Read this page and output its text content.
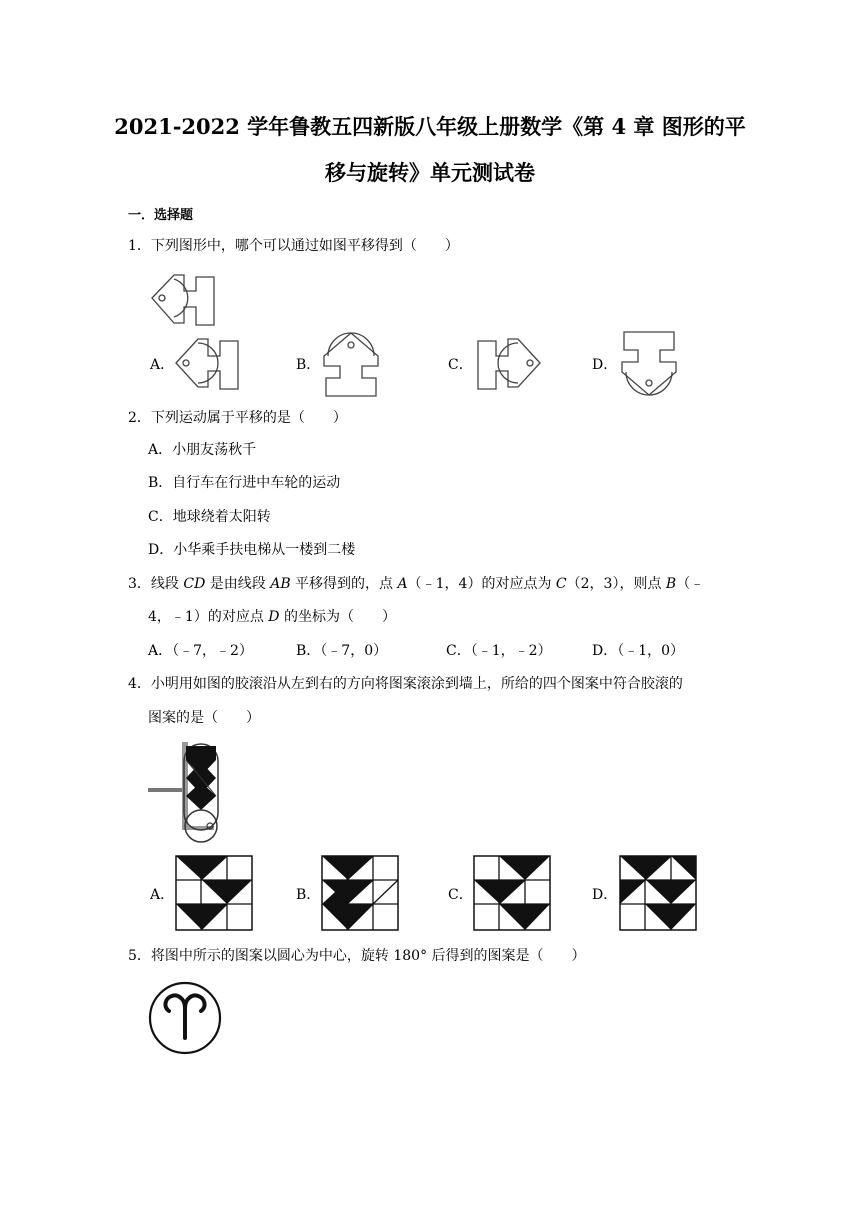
2021-2022 学年鲁教五四新版八年级上册数学《第 4 章 图形的平
移与旋转》单元测试卷
一．选择题
1．下列图形中，哪个可以通过如图平移得到（　　）
A．	B．	C．	D．
2．下列运动属于平移的是（　　）
A．小朋友荡秋千
B．自行车在行进中车轮的运动
C．地球绕着太阳转
D．小华乘手扶电梯从一楼到二楼
3．线段 CD 是由线段 AB 平移得到的，点 A（﹣1，4）的对应点为 C（2，3），则点 B（﹣
4，﹣1）的对应点 D 的坐标为（　　）
A．（﹣7，﹣2）	B．（﹣7，0）	C．（﹣1，﹣2）	D．（﹣1，0）
4．小明用如图的胶滚沿从左到右的方向将图案滚涂到墙上，所给的四个图案中符合胶滚的
图案的是（　　）
A．	B．	C．	D．
5．将图中所示的图案以圆心为中心，旋转 180° 后得到的图案是（　　）
